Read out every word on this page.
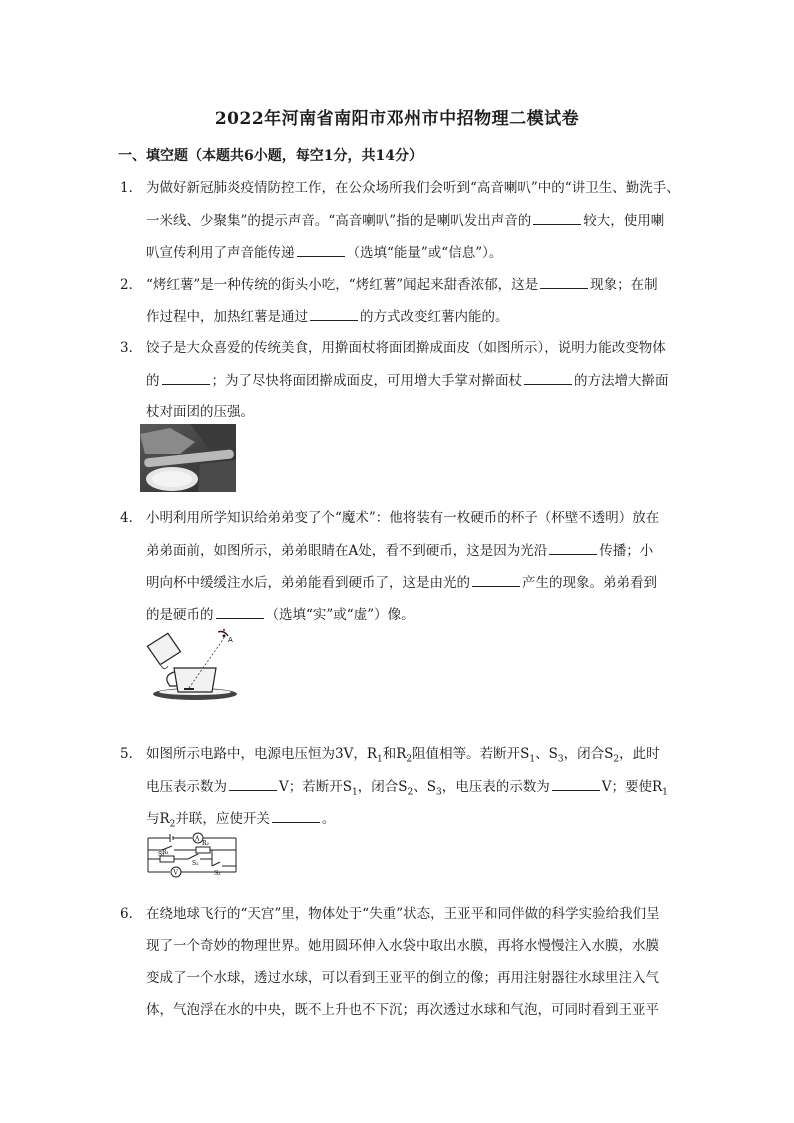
2022年河南省南阳市邓州市中招物理二模试卷
一、填空题（本题共6小题，每空1分，共14分）
1． 为做好新冠肺炎疫情防控工作，在公众场所我们会听到“高音喇叭”中的“讲卫生、勤洗手、
一米线、少聚集”的提示声音。“高音喇叭”指的是喇叭发出声音的	较大，使用喇
叭宣传利用了声音能传递	（选填“能量”或“信息”）。
2． “烤红薯”是一种传统的街头小吃，“烤红薯”闻起来甜香浓郁，这是	现象；在制
作过程中，加热红薯是通过	的方式改变红薯内能的。
3． 饺子是大众喜爱的传统美食，用擀面杖将面团擀成面皮（如图所示），说明力能改变物体
的	；为了尽快将面团擀成面皮，可用增大手掌对擀面杖	的方法增大擀面
杖对面团的压强。
4． 小明利用所学知识给弟弟变了个“魔术”：他将装有一枚硬币的杯子（杯壁不透明）放在
弟弟面前，如图所示，弟弟眼睛在A处，看不到硬币，这是因为光沿	传播；小
明向杯中缓缓注水后，弟弟能看到硬币了，这是由光的	产生的现象。弟弟看到
的是硬币的	（选填“实”或“虚”）像。
A
5． 如图所示电路中，电源电压恒为3V，$R_1$和$R_2$阻值相等。若断开$S_1$、$S_3$，闭合$S_2$，此时
电压表示数为	V；若断开$S_1$，闭合$S_2$、$S_3$，电压表的示数为	V；要使$R_1$
与$R_2$并联，应使开关	。
A
V
S₁
R₂
R₁
S₂
S₃
6． 在绕地球飞行的“天宫”里，物体处于“失重”状态，王亚平和同伴做的科学实验给我们呈
现了一个奇妙的物理世界。她用圆环伸入水袋中取出水膜，再将水慢慢注入水膜，水膜
变成了一个水球，透过水球，可以看到王亚平的倒立的像；再用注射器往水球里注入气
体，气泡浮在水的中央，既不上升也不下沉；再次透过水球和气泡，可同时看到王亚平
